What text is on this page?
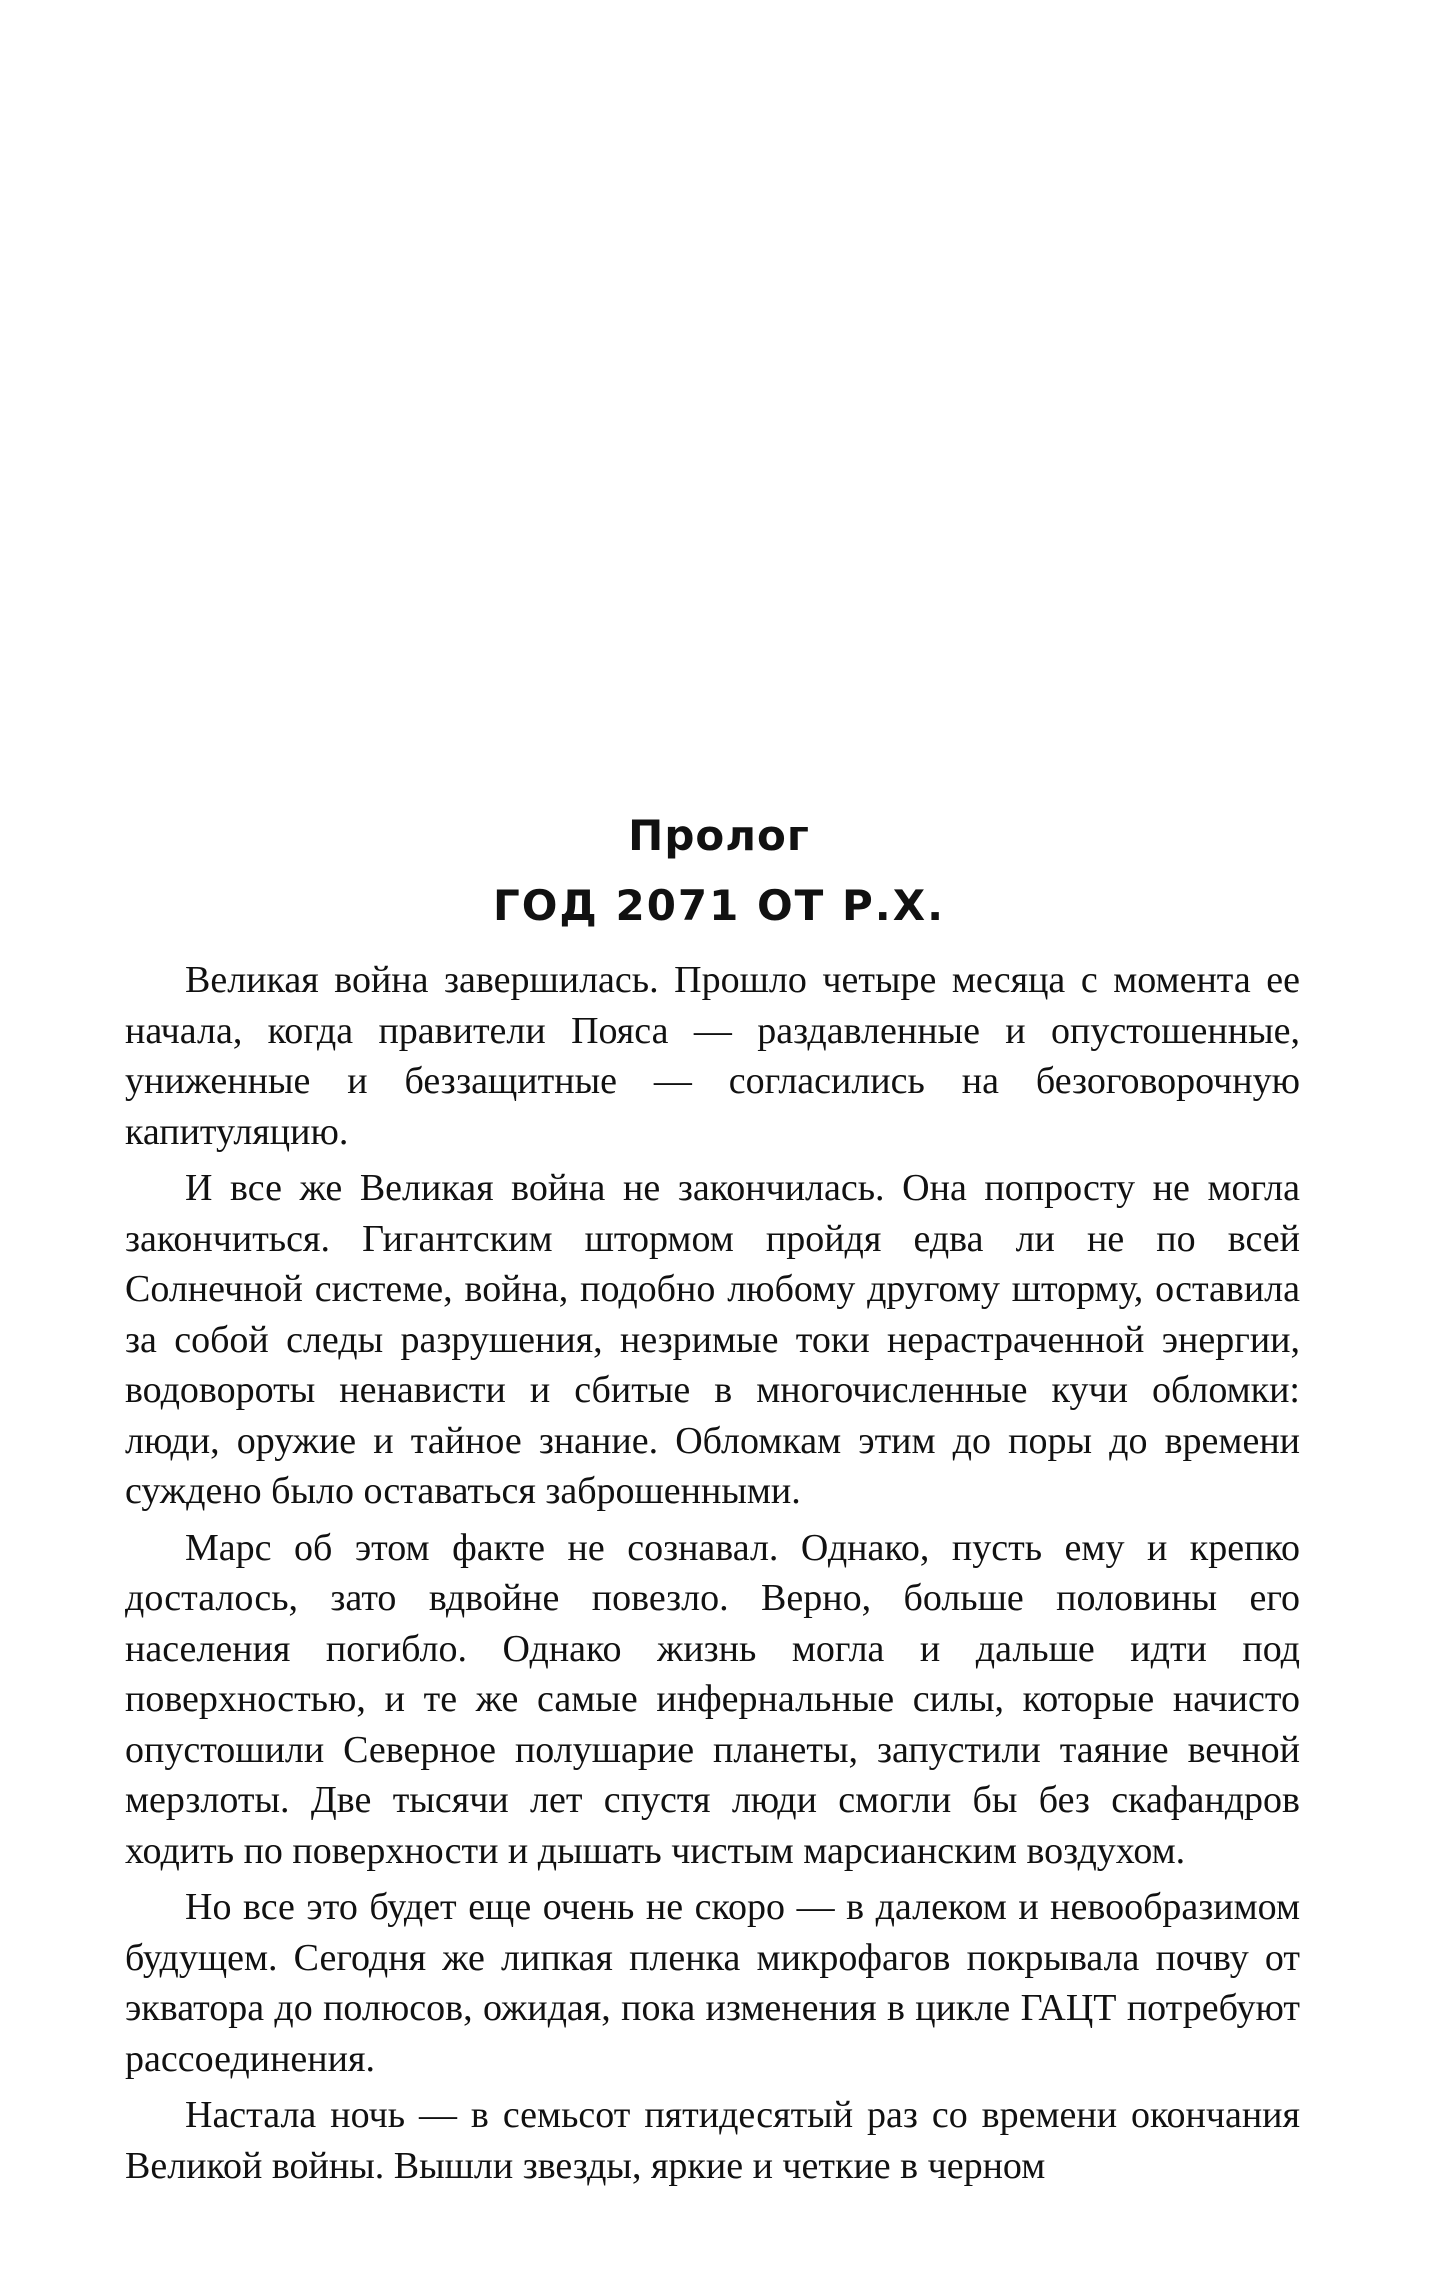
Пролог
ГОД 2071 ОТ Р.Х.

Великая война завершилась. Прошло четыре месяца с момента ее начала, когда правители Пояса — раздавленные и опустошенные, униженные и беззащитные — согласились на безоговорочную капитуляцию.

И все же Великая война не закончилась. Она попросту не могла закончиться. Гигантским штормом пройдя едва ли не по всей Солнечной системе, война, подобно любому другому шторму, оставила за собой следы разрушения, незримые токи нерастраченной энергии, водовороты ненависти и сбитые в многочисленные кучи обломки: люди, оружие и тайное знание. Обломкам этим до поры до времени суждено было оставаться заброшенными.

Марс об этом факте не сознавал. Однако, пусть ему и крепко досталось, зато вдвойне повезло. Верно, больше половины его населения погибло. Однако жизнь могла и дальше идти под поверхностью, и те же самые инфернальные силы, которые начисто опустошили Северное полушарие планеты, запустили таяние вечной мерзлоты. Две тысячи лет спустя люди смогли бы без скафандров ходить по поверхности и дышать чистым марсианским воздухом.

Но все это будет еще очень не скоро — в далеком и невообразимом будущем. Сегодня же липкая пленка микрофагов покрывала почву от экватора до полюсов, ожидая, пока изменения в цикле ГАЦТ потребуют рассоединения.

Настала ночь — в семьсот пятидесятый раз со времени окончания Великой войны. Вышли звезды, яркие и четкие в черном
